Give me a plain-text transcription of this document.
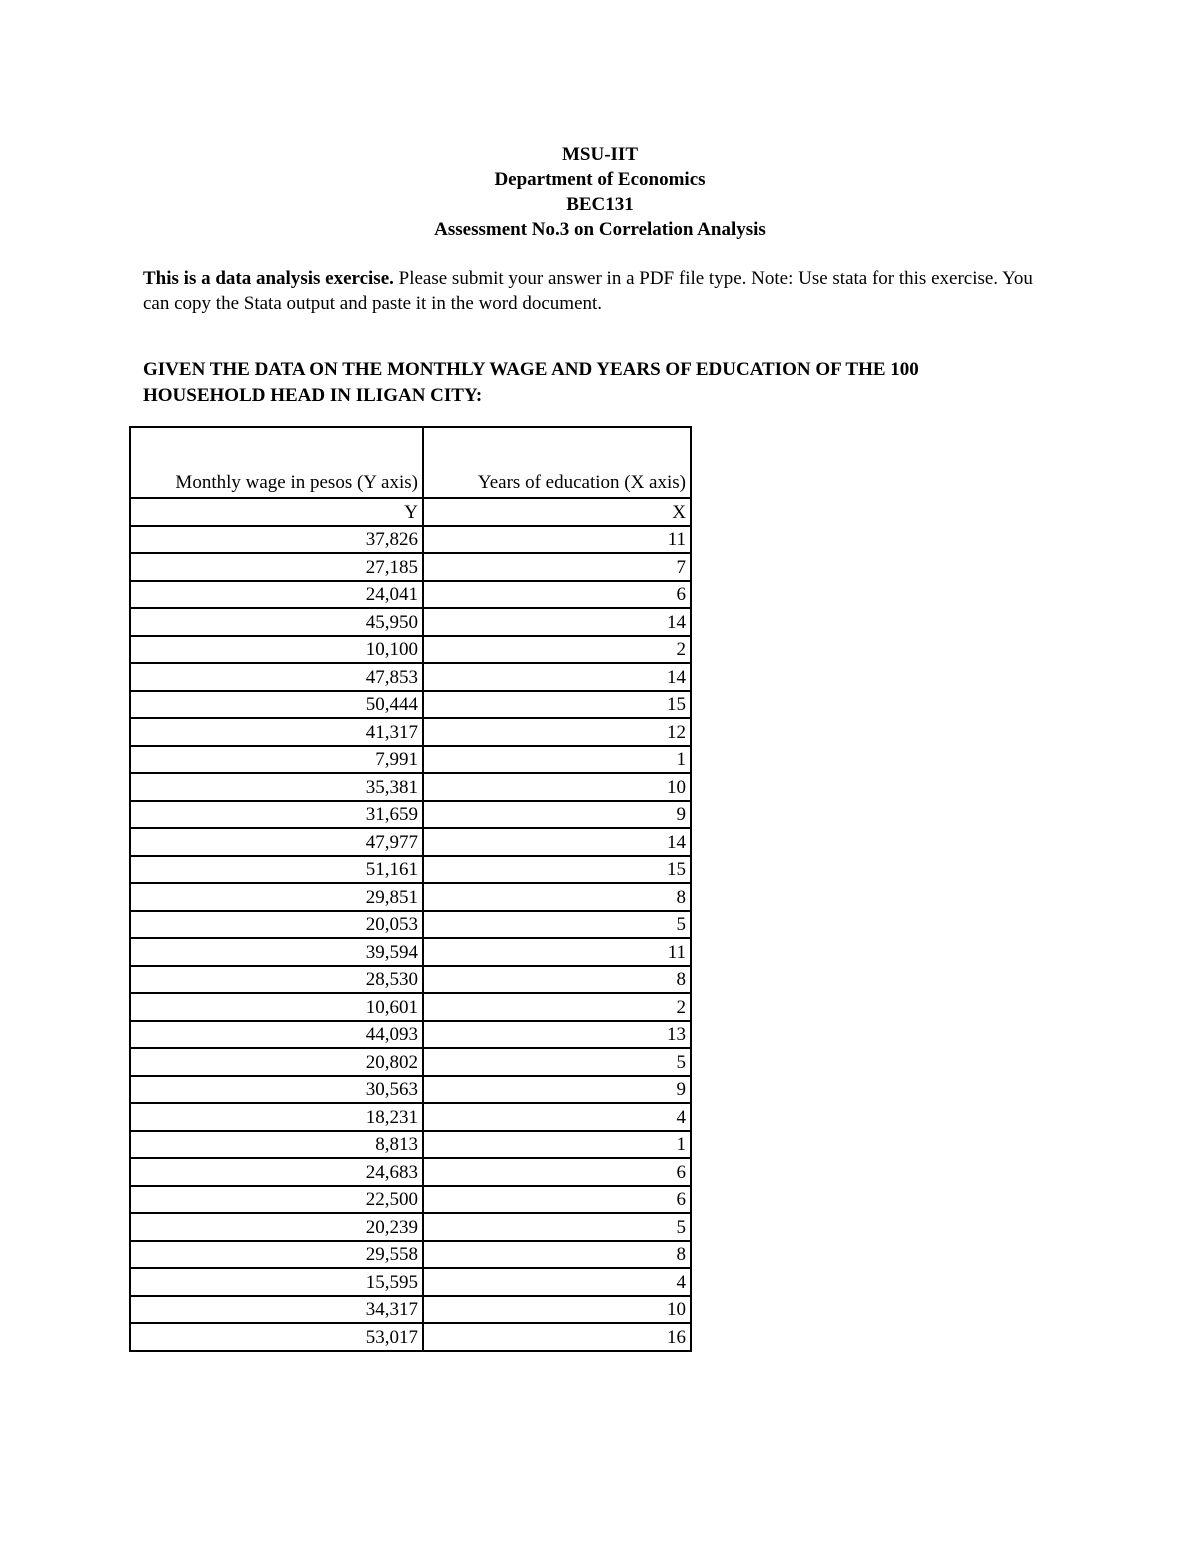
MSU-IIT
Department of Economics
BEC131
Assessment No.3 on Correlation Analysis
This is a data analysis exercise. Please submit your answer in a PDF file type. Note: Use stata for this exercise. You can copy the Stata output and paste it in the word document.
GIVEN THE DATA ON THE MONTHLY WAGE AND YEARS OF EDUCATION OF THE 100 HOUSEHOLD HEAD IN ILIGAN CITY:
Monthly wage in pesos (Y axis)	Years of education (X axis)
Y	X
37,826	11
27,185	7
24,041	6
45,950	14
10,100	2
47,853	14
50,444	15
41,317	12
7,991	1
35,381	10
31,659	9
47,977	14
51,161	15
29,851	8
20,053	5
39,594	11
28,530	8
10,601	2
44,093	13
20,802	5
30,563	9
18,231	4
8,813	1
24,683	6
22,500	6
20,239	5
29,558	8
15,595	4
34,317	10
53,017	16
